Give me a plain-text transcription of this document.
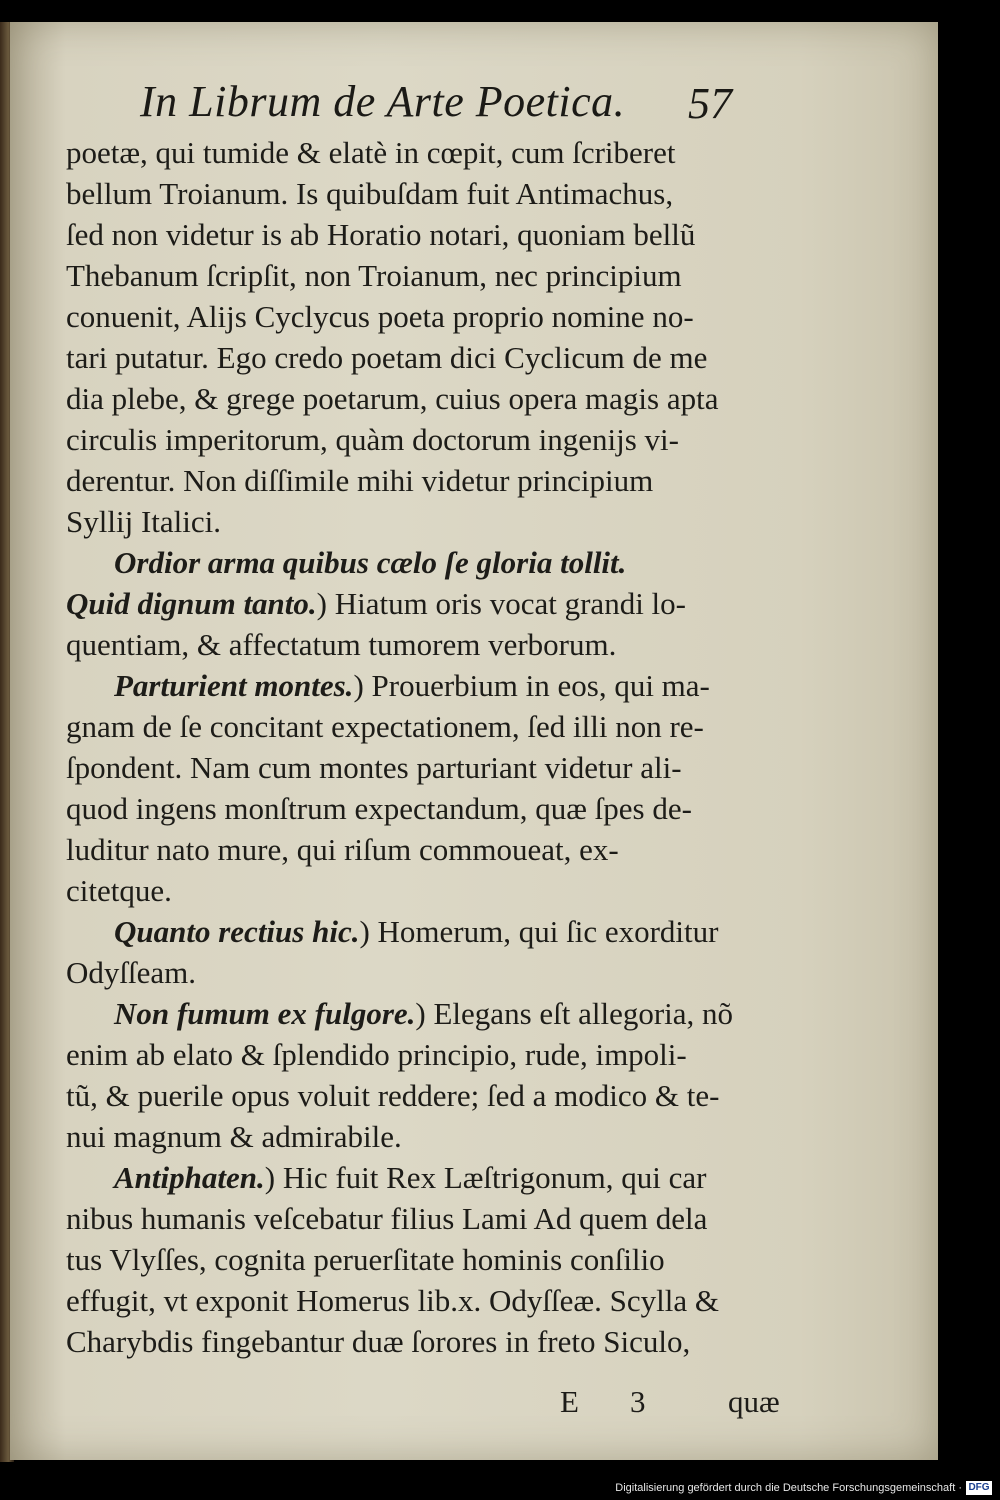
In Librum de Arte Poetica.	57
poetæ, qui tumide & elatè in cœpit, cum ſcriberet
bellum Troianum. Is quibuſdam fuit Antimachus,
ſed non videtur is ab Horatio notari, quoniam bellũ
Thebanum ſcripſit, non Troianum, nec principium
conuenit, Alijs Cyclycus poeta proprio nomine no-
tari putatur. Ego credo poetam dici Cyclicum de me
dia plebe, & grege poetarum, cuius opera magis apta
circulis imperitorum, quàm doctorum ingenijs vi-
derentur. Non diſſimile mihi videtur principium
Syllij Italici.
Ordior arma quibus cælo ſe gloria tollit.
Quid dignum tanto.) Hiatum oris vocat grandi lo-
quentiam, & affectatum tumorem verborum.
Parturient montes.) Prouerbium in eos, qui ma-
gnam de ſe concitant expectationem, ſed illi non re-
ſpondent. Nam cum montes parturiant videtur ali-
quod ingens monſtrum expectandum, quæ ſpes de-
luditur nato mure, qui riſum commoueat, ex-
citetque.
Quanto rectius hic.) Homerum, qui ſic exorditur
Odyſſeam.
Non fumum ex fulgore.) Elegans eſt allegoria, nõ
enim ab elato & ſplendido principio, rude, impoli-
tũ, & puerile opus voluit reddere; ſed a modico & te-
nui magnum & admirabile.
Antiphaten.) Hic fuit Rex Læſtrigonum, qui car
nibus humanis veſcebatur filius Lami Ad quem dela
tus Vlyſſes, cognita peruerſitate hominis conſilio
effugit, vt exponit Homerus lib.x. Odyſſeæ. Scylla &
Charybdis fingebantur duæ ſorores in freto Siculo,
E 3	quæ
Digitalisierung gefördert durch die Deutsche Forschungsgemeinschaft · DFG
